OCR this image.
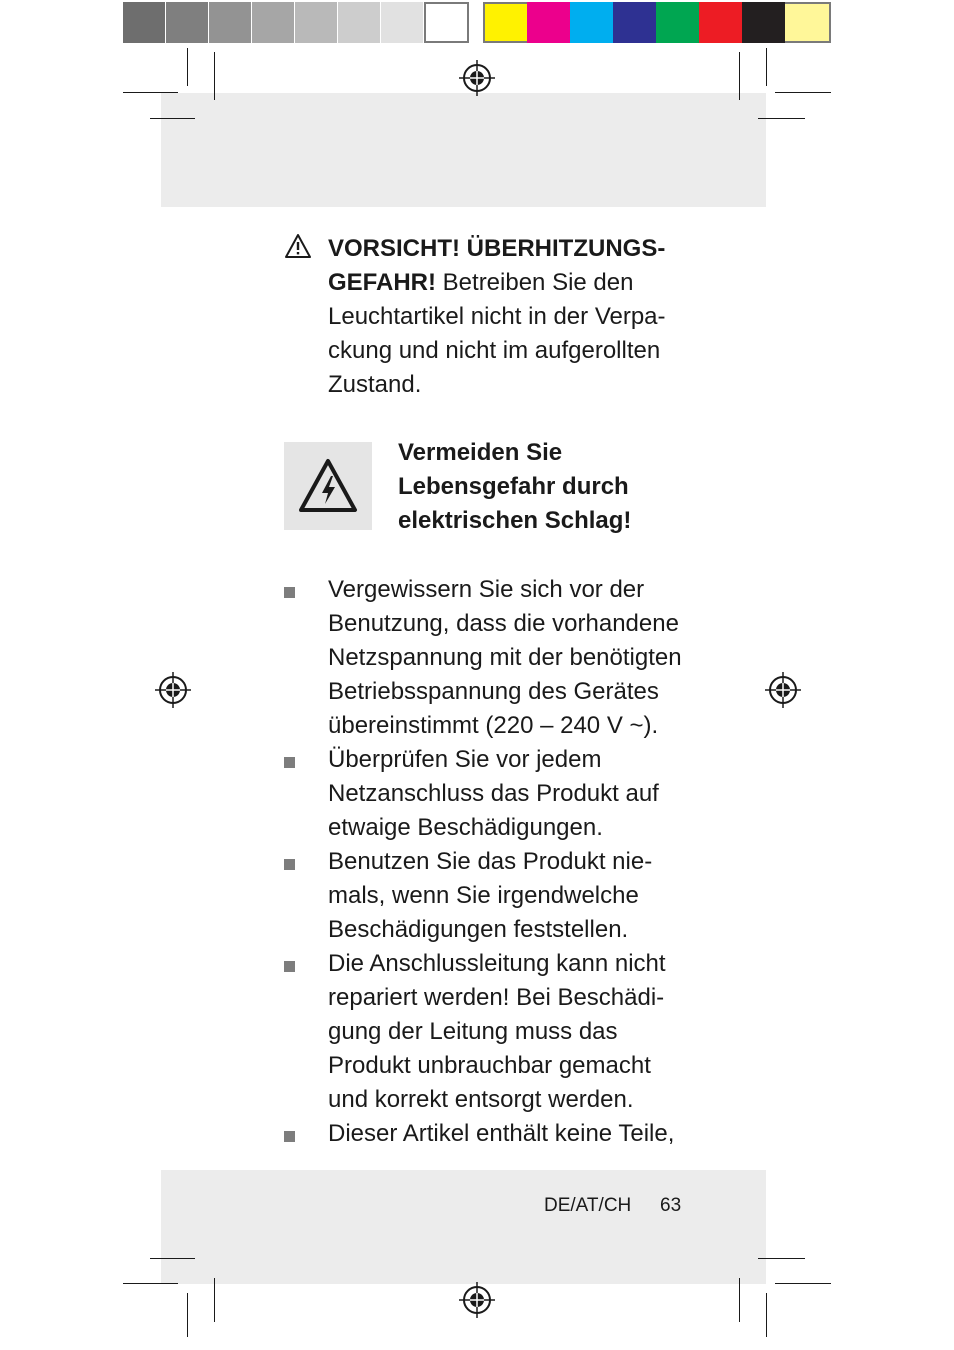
VORSICHT! ÜBERHITZUNGS-
GEFAHR! Betreiben Sie den
Leuchtartikel nicht in der Verpa-
ckung und nicht im aufgerollten
Zustand.
Vermeiden Sie
Lebensgefahr durch
elektrischen Schlag!
Vergewissern Sie sich vor der
Benutzung, dass die vorhandene
Netzspannung mit der benötigten
Betriebsspannung des Gerätes
übereinstimmt (220 – 240 V ~).
Überprüfen Sie vor jedem
Netzanschluss das Produkt auf
etwaige Beschädigungen.
Benutzen Sie das Produkt nie-
mals, wenn Sie irgendwelche
Beschädigungen feststellen.
Die Anschlussleitung kann nicht
repariert werden! Bei Beschädi-
gung der Leitung muss das
Produkt unbrauchbar gemacht
und korrekt entsorgt werden.
Dieser Artikel enthält keine Teile,
DE/AT/CH 63
